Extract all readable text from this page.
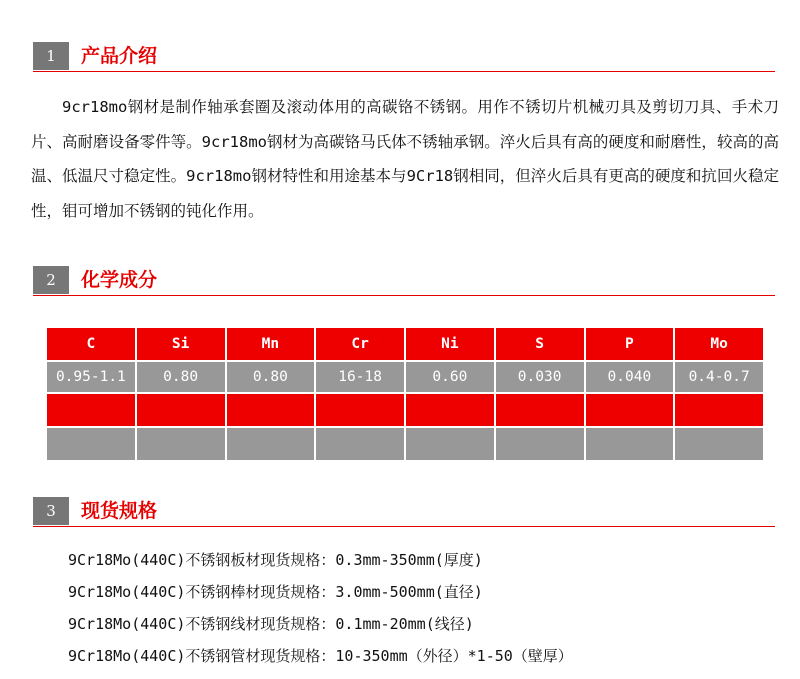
1	产品介绍
9cr18mo钢材是制作轴承套圈及滚动体用的高碳铬不锈钢。用作不锈切片机械刃具及剪切刀具、手术刀片、高耐磨设备零件等。9cr18mo钢材为高碳铬马氏体不锈轴承钢。淬火后具有高的硬度和耐磨性，较高的高温、低温尺寸稳定性。9cr18mo钢材特性和用途基本与9Cr18钢相同，但淬火后具有更高的硬度和抗回火稳定性，钼可增加不锈钢的钝化作用。
2	化学成分
C	Si	Mn	Cr	Ni	S	P	Mo
0.95-1.1	0.80	0.80	16-18	0.60	0.030	0.040	0.4-0.7

3	现货规格
9Cr18Mo(440C)不锈钢板材现货规格：0.3mm-350mm(厚度)
9Cr18Mo(440C)不锈钢棒材现货规格：3.0mm-500mm(直径)
9Cr18Mo(440C)不锈钢线材现货规格：0.1mm-20mm(线径)
9Cr18Mo(440C)不锈钢管材现货规格：10-350mm（外径）*1-50（壁厚）
